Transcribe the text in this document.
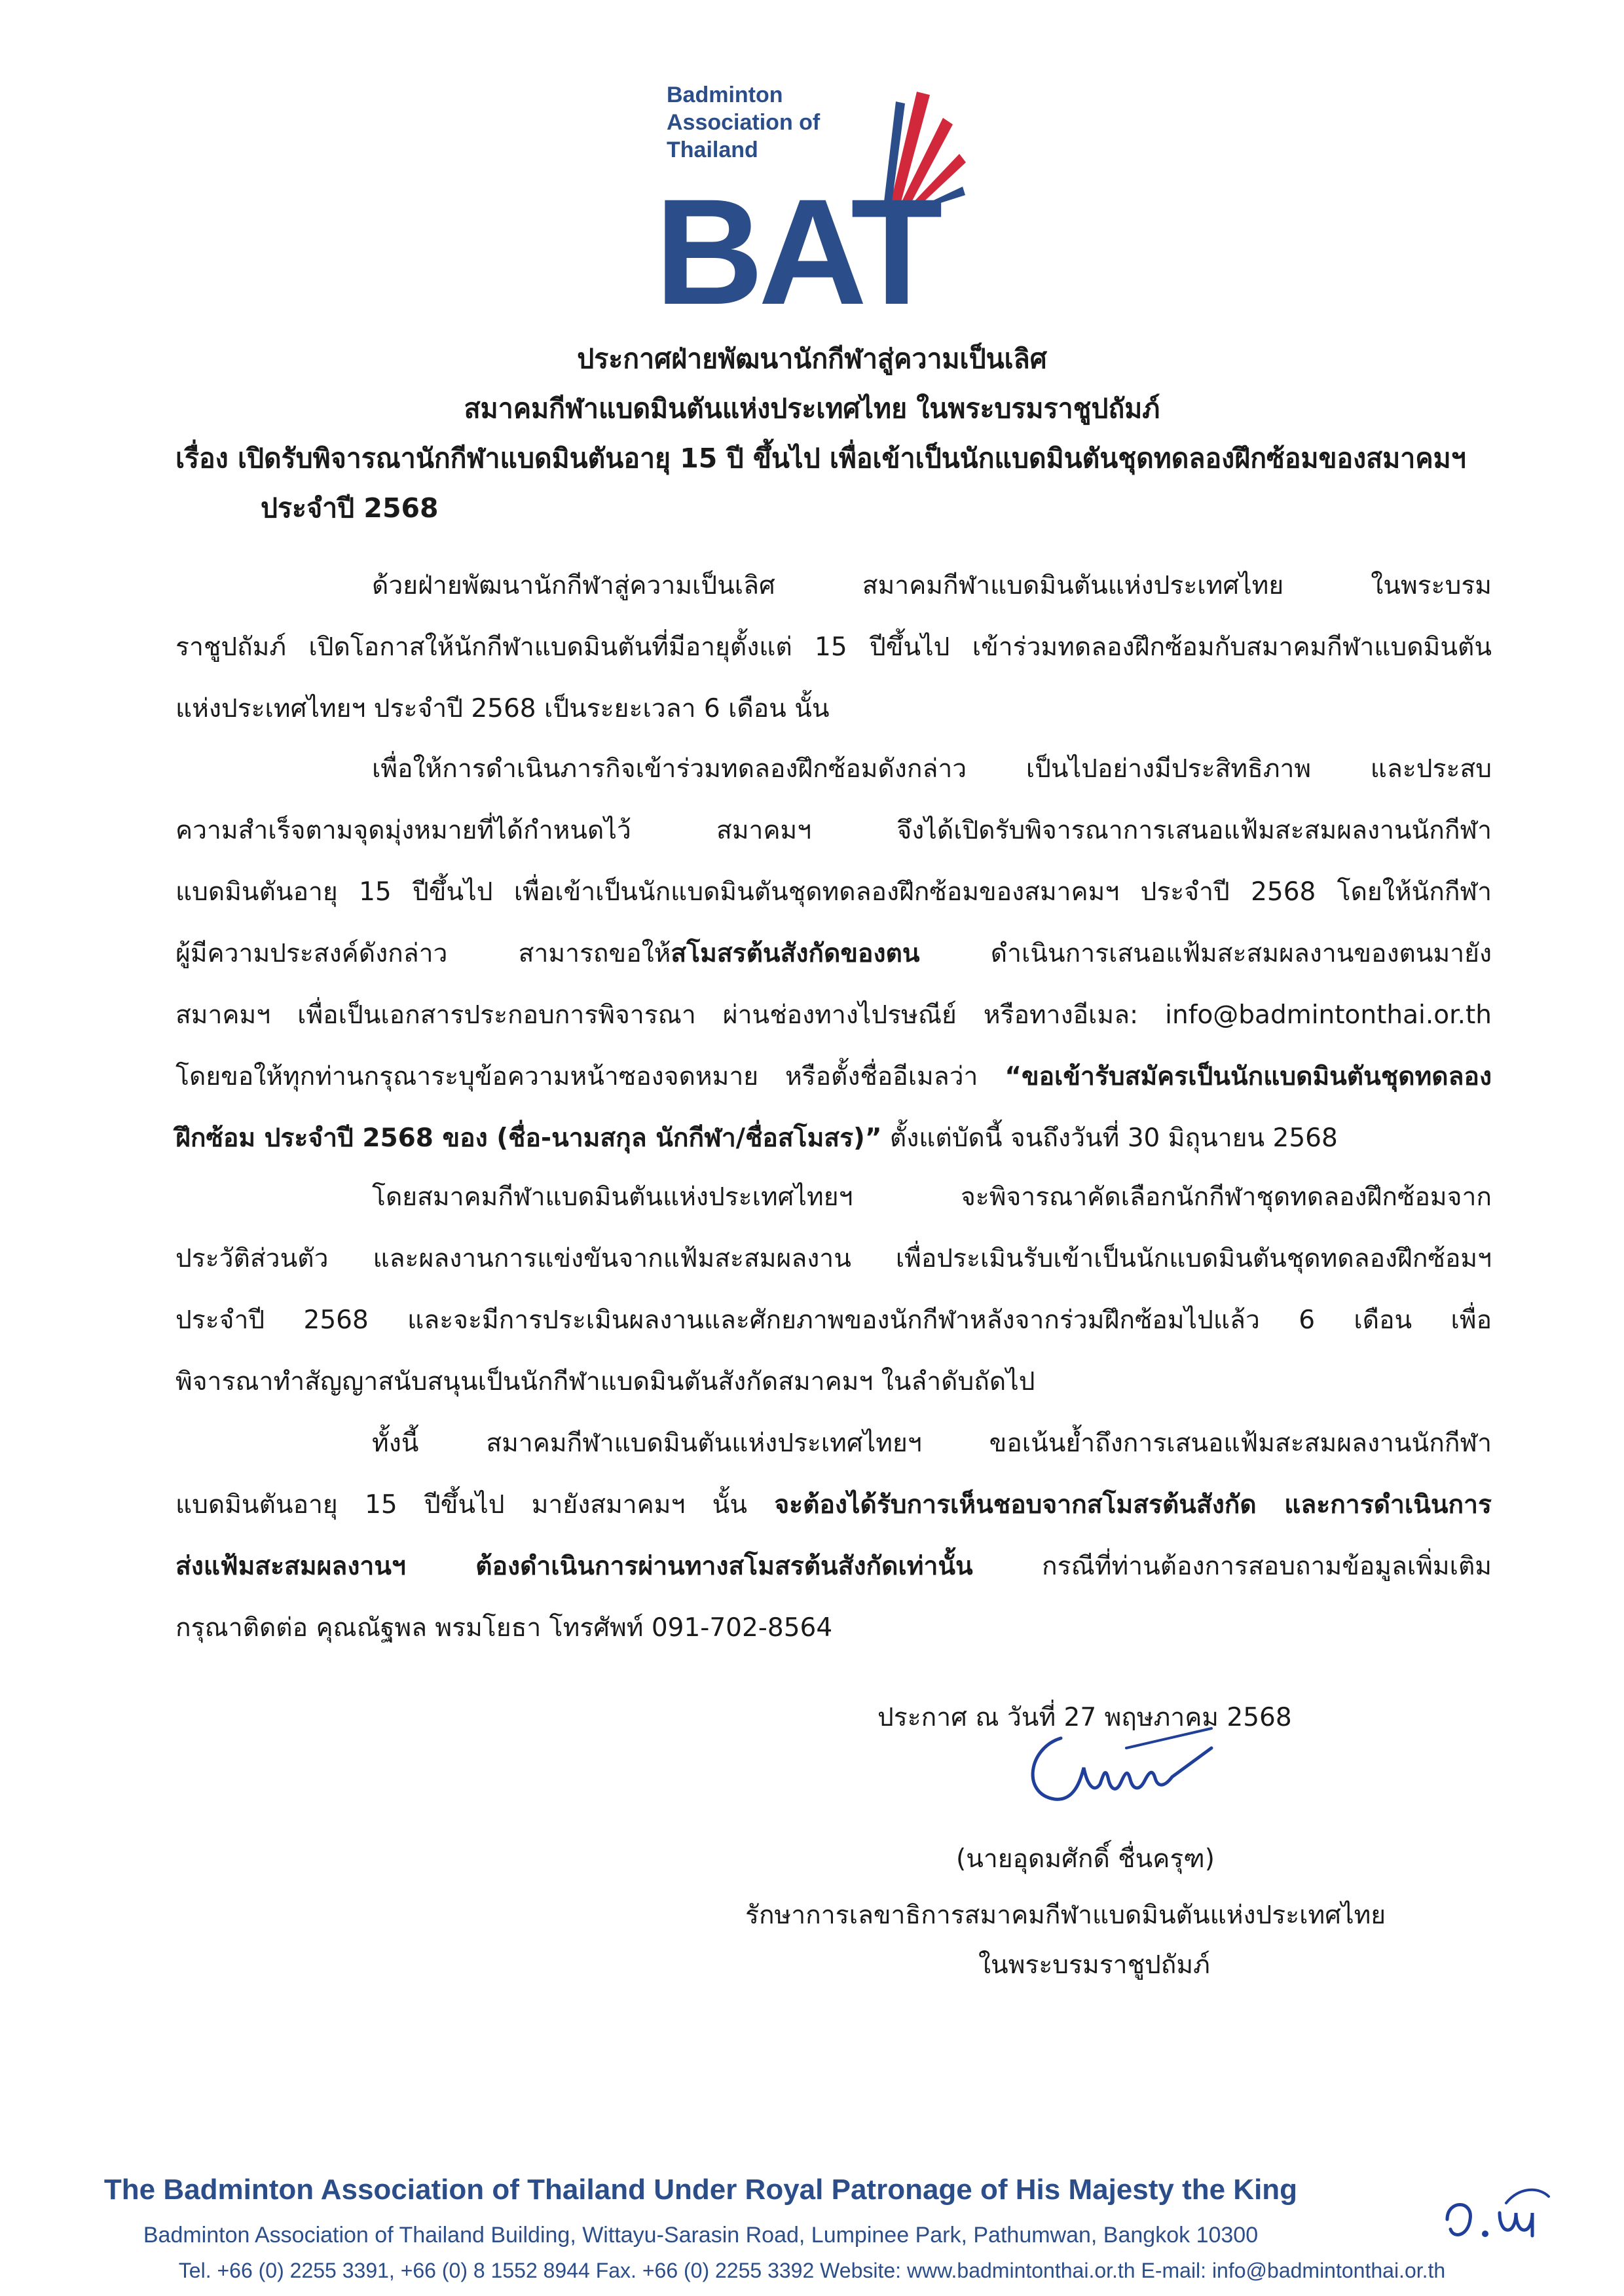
Badminton
Association of
Thailand
BAT
ประกาศฝ่ายพัฒนานักกีฬาสู่ความเป็นเลิศ
สมาคมกีฬาแบดมินตันแห่งประเทศไทย ในพระบรมราชูปถัมภ์
เรื่อง เปิดรับพิจารณานักกีฬาแบดมินตันอายุ 15 ปี ขึ้นไป เพื่อเข้าเป็นนักแบดมินตันชุดทดลองฝึกซ้อมของสมาคมฯ
ประจำปี 2568
ด้วยฝ่ายพัฒนานักกีฬาสู่ความเป็นเลิศ สมาคมกีฬาแบดมินตันแห่งประเทศไทย ในพระบรม
ราชูปถัมภ์ เปิดโอกาสให้นักกีฬาแบดมินตันที่มีอายุตั้งแต่ 15 ปีขึ้นไป เข้าร่วมทดลองฝึกซ้อมกับสมาคมกีฬาแบดมินตัน
แห่งประเทศไทยฯ ประจำปี 2568 เป็นระยะเวลา 6 เดือน นั้น
เพื่อให้การดำเนินภารกิจเข้าร่วมทดลองฝึกซ้อมดังกล่าว เป็นไปอย่างมีประสิทธิภาพ และประสบ
ความสำเร็จตามจุดมุ่งหมายที่ได้กำหนดไว้ สมาคมฯ จึงได้เปิดรับพิจารณาการเสนอแฟ้มสะสมผลงานนักกีฬา
แบดมินตันอายุ 15 ปีขึ้นไป เพื่อเข้าเป็นนักแบดมินตันชุดทดลองฝึกซ้อมของสมาคมฯ ประจำปี 2568 โดยให้นักกีฬา
ผู้มีความประสงค์ดังกล่าว สามารถขอให้สโมสรต้นสังกัดของตน ดำเนินการเสนอแฟ้มสะสมผลงานของตนมายัง
สมาคมฯ เพื่อเป็นเอกสารประกอบการพิจารณา ผ่านช่องทางไปรษณีย์ หรือทางอีเมล: info@badmintonthai.or.th
โดยขอให้ทุกท่านกรุณาระบุข้อความหน้าซองจดหมาย หรือตั้งชื่ออีเมลว่า “ขอเข้ารับสมัครเป็นนักแบดมินตันชุดทดลอง
ฝึกซ้อม ประจำปี 2568 ของ (ชื่อ-นามสกุล นักกีฬา/ชื่อสโมสร)” ตั้งแต่บัดนี้ จนถึงวันที่ 30 มิถุนายน 2568
โดยสมาคมกีฬาแบดมินตันแห่งประเทศไทยฯ จะพิจารณาคัดเลือกนักกีฬาชุดทดลองฝึกซ้อมจาก
ประวัติส่วนตัว และผลงานการแข่งขันจากแฟ้มสะสมผลงาน เพื่อประเมินรับเข้าเป็นนักแบดมินตันชุดทดลองฝึกซ้อมฯ
ประจำปี 2568 และจะมีการประเมินผลงานและศักยภาพของนักกีฬาหลังจากร่วมฝึกซ้อมไปแล้ว 6 เดือน เพื่อ
พิจารณาทำสัญญาสนับสนุนเป็นนักกีฬาแบดมินตันสังกัดสมาคมฯ ในลำดับถัดไป
ทั้งนี้ สมาคมกีฬาแบดมินตันแห่งประเทศไทยฯ ขอเน้นย้ำถึงการเสนอแฟ้มสะสมผลงานนักกีฬา
แบดมินตันอายุ 15 ปีขึ้นไป มายังสมาคมฯ นั้น จะต้องได้รับการเห็นชอบจากสโมสรต้นสังกัด และการดำเนินการ
ส่งแฟ้มสะสมผลงานฯ ต้องดำเนินการผ่านทางสโมสรต้นสังกัดเท่านั้น กรณีที่ท่านต้องการสอบถามข้อมูลเพิ่มเติม
กรุณาติดต่อ คุณณัฐพล พรมโยธา โทรศัพท์ 091-702-8564
ประกาศ ณ วันที่ 27 พฤษภาคม 2568
(นายอุดมศักดิ์ ชื่นครุฑ)
รักษาการเลขาธิการสมาคมกีฬาแบดมินตันแห่งประเทศไทย
ในพระบรมราชูปถัมภ์
The Badminton Association of Thailand Under Royal Patronage of His Majesty the King
Badminton Association of Thailand Building, Wittayu-Sarasin Road, Lumpinee Park, Pathumwan, Bangkok 10300
Tel. +66 (0) 2255 3391, +66 (0) 8 1552 8944 Fax. +66 (0) 2255 3392 Website: www.badmintonthai.or.th E-mail: info@badmintonthai.or.th
